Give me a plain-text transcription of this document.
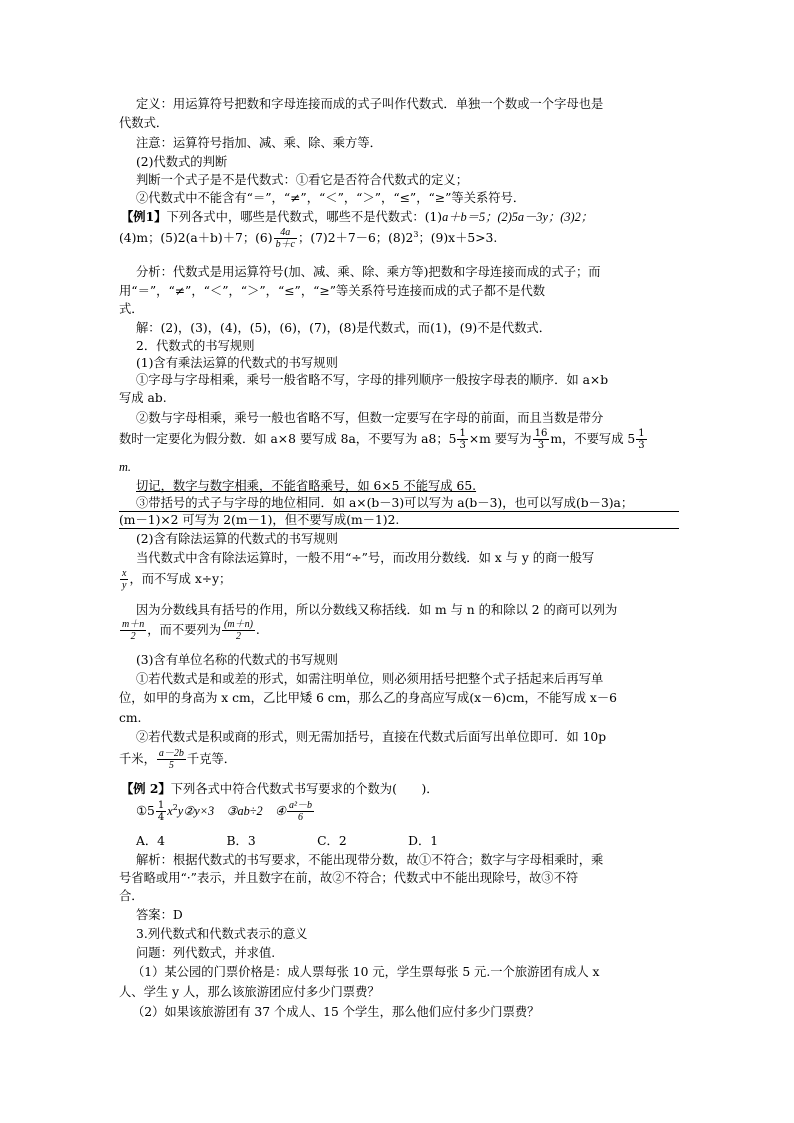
定义：用运算符号把数和字母连接而成的式子叫作代数式．单独一个数或一个字母也是
代数式．
注意：运算符号指加、减、乘、除、乘方等．
(2)代数式的判断
判断一个式子是不是代数式：①看它是否符合代数式的定义；
②代数式中不能含有“＝”，“≠”，“＜”，“＞”，“≤”，“≥”等关系符号．
【例1】下列各式中，哪些是代数式，哪些不是代数式：(1)a＋b＝5；(2)5a－3y；(3)2；
(4)m；(5)2(a＋b)＋7；$(6) \frac{4a}{b+c}$ ；(7)2＋7－6；$(8)2^3$；(9)x＋5>3.
分析：代数式是用运算符号(加、减、乘、除、乘方等)把数和字母连接而成的式子；而
用“＝”，“≠”，“＜”，“＞”，“≤”，“≥”等关系符号连接而成的式子都不是代数
式．
解：(2)，(3)，(4)，(5)，(6)，(7)，(8)是代数式，而(1)，(9)不是代数式．
2．代数式的书写规则
(1)含有乘法运算的代数式的书写规则
①字母与字母相乘，乘号一般省略不写，字母的排列顺序一般按字母表的顺序．如 a×b
写成 ab.
②数与字母相乘，乘号一般也省略不写，但数一定要写在字母的前面，而且当数是带分
数时一定要化为假分数．如 a×8 要写成 8a，不要写为 a8；$5 \frac{1}{3} \times m$ 要写为 $\frac{16}{3}$ m，不要写成 $5 \frac{1}{3}$
m.
切记，数字与数字相乘，不能省略乘号，如 6×5 不能写成 65.
③带括号的式子与字母的地位相同．如 a×(b－3)可以写为 a(b－3)，也可以写成(b－3)a；
(m－1)×2 可写为 2(m－1)，但不要写成(m－1)2.
(2)含有除法运算的代数式的书写规则
当代数式中含有除法运算时，一般不用“÷”号，而改用分数线．如 x 与 y 的商一般写
$\frac{x}{y}$ ，而不写成 x÷y；
因为分数线具有括号的作用，所以分数线又称括线．如 m 与 n 的和除以 2 的商可以列为
$\frac{m+n}{2}$ ，而不要列为 $\frac{(m+n)}{2}$ .
(3)含有单位名称的代数式的书写规则
①若代数式是和或差的形式，如需注明单位，则必须用括号把整个式子括起来后再写单
位，如甲的身高为 x cm，乙比甲矮 6 cm，那么乙的身高应写成(x－6)cm，不能写成 x－6
cm.
②若代数式是积或商的形式，则无需加括号，直接在代数式后面写出单位即可．如 10p
千米， $\frac{a-2b}{5}$ 千克等．
【例 2】下列各式中符合代数式书写要求的个数为(　　)．
①5 $\frac{1}{4}$ $x^2y②y\times 3$　③ab÷2　④ $\frac{\text{a²－b}}{6}$
A．4　　　　　B．3　　　　　C．2　　　　　D．1
解析：根据代数式的书写要求，不能出现带分数，故①不符合；数字与字母相乘时，乘
号省略或用“·”表示，并且数字在前，故②不符合；代数式中不能出现除号，故③不符
合．
答案：D
3.列代数式和代数式表示的意义
问题：列代数式，并求值.
（1）某公园的门票价格是：成人票每张 10 元，学生票每张 5 元.一个旅游团有成人 x
人、学生 y 人，那么该旅游团应付多少门票费？
（2）如果该旅游团有 37 个成人、15 个学生，那么他们应付多少门票费？
